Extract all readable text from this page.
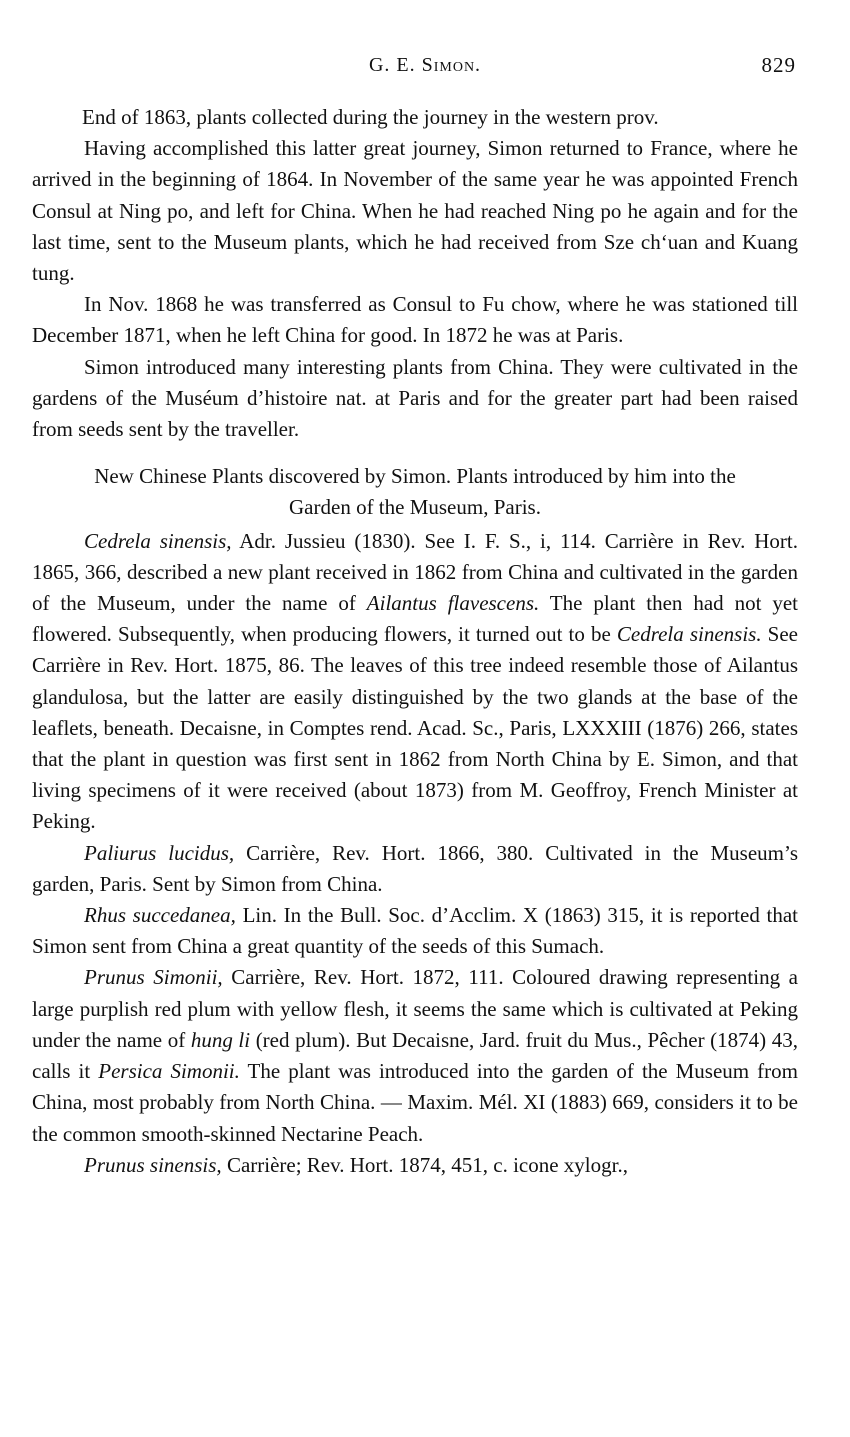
G. E. Simon.	829

End of 1863, plants collected during the journey in the western prov.

Having accomplished this latter great journey, Simon returned to France, where he arrived in the beginning of 1864. In November of the same year he was appointed French Consul at Ning po, and left for China. When he had reached Ning po he again and for the last time, sent to the Museum plants, which he had received from Sze ch‘uan and Kuang tung.

In Nov. 1868 he was transferred as Consul to Fu chow, where he was stationed till December 1871, when he left China for good. In 1872 he was at Paris.

Simon introduced many interesting plants from China. They were cultivated in the gardens of the Muséum d’histoire nat. at Paris and for the greater part had been raised from seeds sent by the traveller.

New Chinese Plants discovered by Simon. Plants introduced by him into the Garden of the Museum, Paris.

Cedrela sinensis, Adr. Jussieu (1830). See I. F. S., i, 114. Carrière in Rev. Hort. 1865, 366, described a new plant received in 1862 from China and cultivated in the garden of the Museum, under the name of Ailantus flavescens. The plant then had not yet flowered. Subsequently, when producing flowers, it turned out to be Cedrela sinensis. See Carrière in Rev. Hort. 1875, 86. The leaves of this tree indeed resemble those of Ailantus glandulosa, but the latter are easily distinguished by the two glands at the base of the leaflets, beneath. Decaisne, in Comptes rend. Acad. Sc., Paris, LXXXIII (1876) 266, states that the plant in question was first sent in 1862 from North China by E. Simon, and that living specimens of it were received (about 1873) from M. Geoffroy, French Minister at Peking.

Paliurus lucidus, Carrière, Rev. Hort. 1866, 380. Cultivated in the Museum’s garden, Paris. Sent by Simon from China.

Rhus succedanea, Lin. In the Bull. Soc. d’Acclim. X (1863) 315, it is reported that Simon sent from China a great quantity of the seeds of this Sumach.

Prunus Simonii, Carrière, Rev. Hort. 1872, 111. Coloured drawing representing a large purplish red plum with yellow flesh, it seems the same which is cultivated at Peking under the name of hung li (red plum). But Decaisne, Jard. fruit du Mus., Pêcher (1874) 43, calls it Persica Simonii. The plant was introduced into the garden of the Museum from China, most probably from North China. — Maxim. Mél. XI (1883) 669, considers it to be the common smooth-skinned Nectarine Peach.

Prunus sinensis, Carrière; Rev. Hort. 1874, 451, c. icone xylogr.,
